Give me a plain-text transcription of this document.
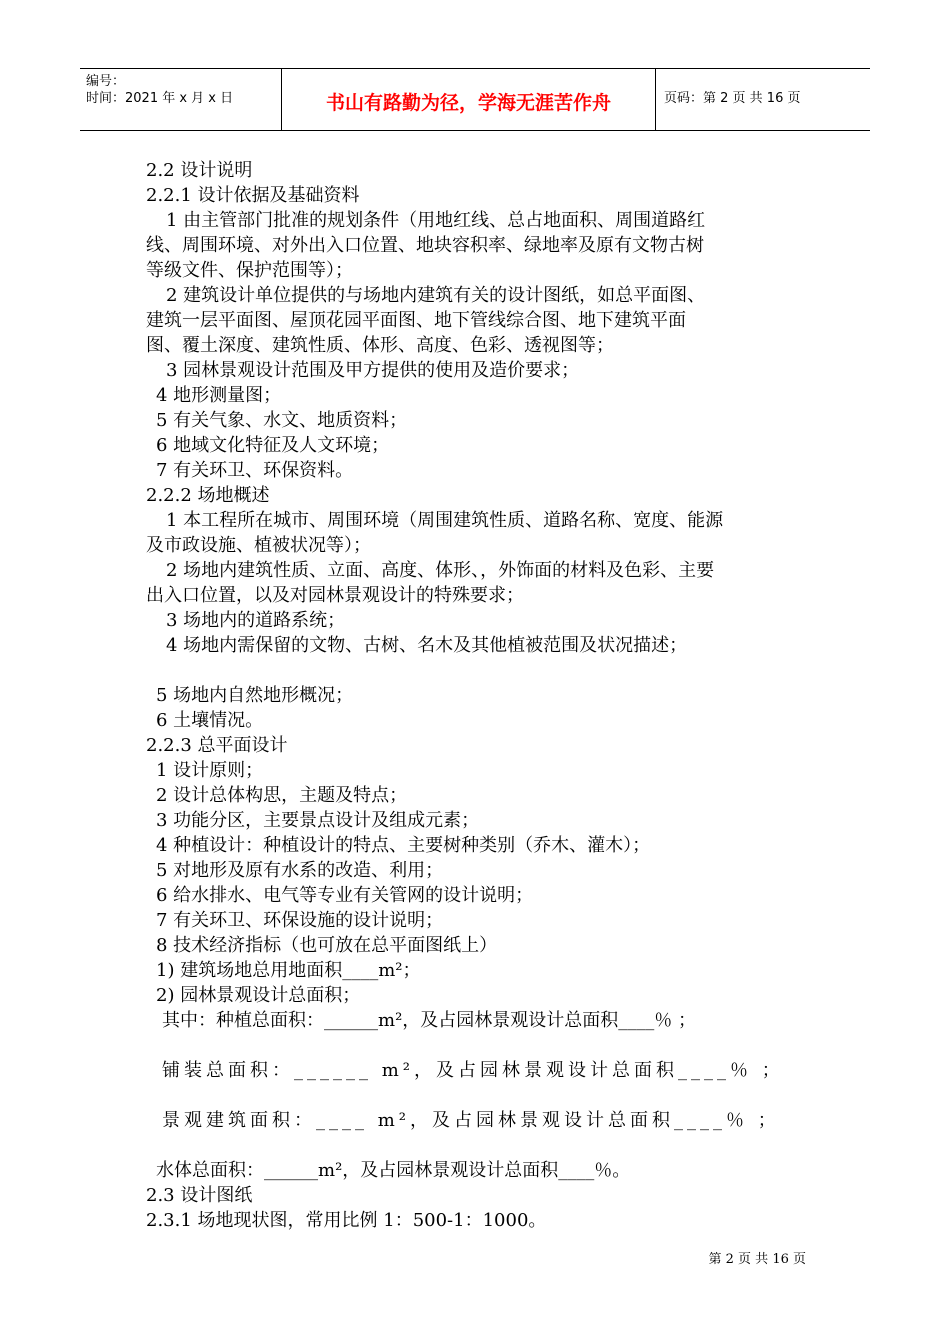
编号：
时间：2021 年 x 月 x 日	书山有路勤为径，学海无涯苦作舟	页码：第 2 页 共 16 页
2.2 设计说明
2.2.1 设计依据及基础资料
1 由主管部门批准的规划条件（用地红线、总占地面积、周围道路红
线、周围环境、对外出入口位置、地块容积率、绿地率及原有文物古树
等级文件、保护范围等）；
2 建筑设计单位提供的与场地内建筑有关的设计图纸，如总平面图、
建筑一层平面图、屋顶花园平面图、地下管线综合图、地下建筑平面
图、覆土深度、建筑性质、体形、高度、色彩、透视图等；
3 园林景观设计范围及甲方提供的使用及造价要求；
4 地形测量图；
5 有关气象、水文、地质资料；
6 地域文化特征及人文环境；
7 有关环卫、环保资料。
2.2.2 场地概述
1 本工程所在城市、周围环境（周围建筑性质、道路名称、宽度、能源
及市政设施、植被状况等）；
2 场地内建筑性质、立面、高度、体形、，外饰面的材料及色彩、主要
出入口位置，以及对园林景观设计的特殊要求；
3 场地内的道路系统；
4 场地内需保留的文物、古树、名木及其他植被范围及状况描述；
5 场地内自然地形概况；
6 土壤情况。
2.2.3 总平面设计
1 设计原则；
2 设计总体构思，主题及特点；
3 功能分区，主要景点设计及组成元素；
4 种植设计：种植设计的特点、主要树种类别（乔木、灌木）；
5 对地形及原有水系的改造、利用；
6 给水排水、电气等专业有关管网的设计说明；
7 有关环卫、环保设施的设计说明；
8 技术经济指标（也可放在总平面图纸上）
1) 建筑场地总用地面积____m²；
2) 园林景观设计总面积；
其中：种植总面积：______m²，及占园林景观设计总面积____％ ；
铺装总面积：______ m²，及占园林景观设计总面积____％ ；
景观建筑面积：____ m²，及占园林景观设计总面积____％ ；
水体总面积：______m²，及占园林景观设计总面积____％。
2.3 设计图纸
2.3.1 场地现状图，常用比例 1：500-1：1000。
第 2 页 共 16 页
